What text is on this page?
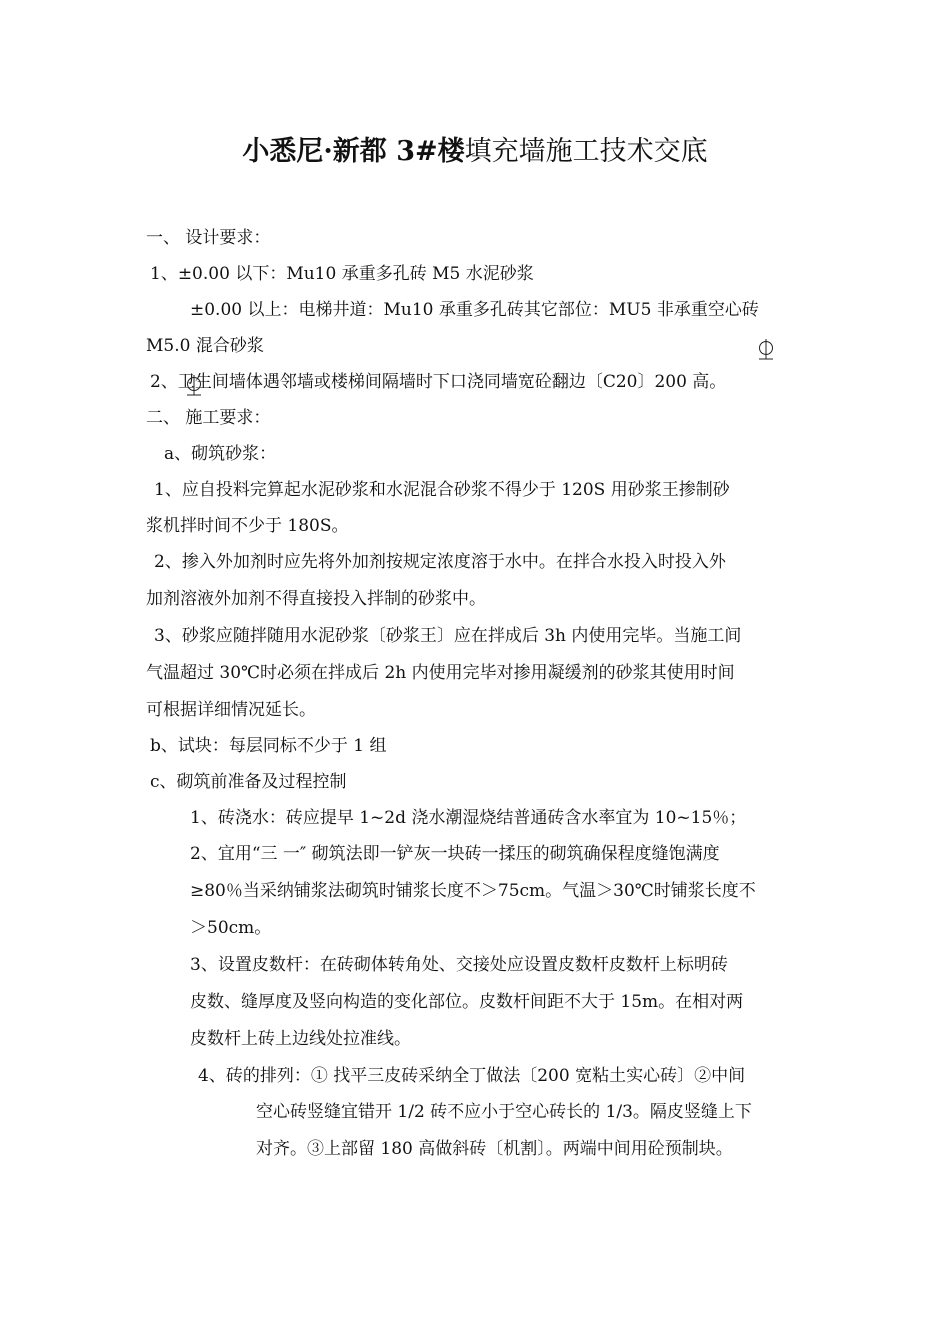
小悉尼·新都 3#楼填充墙施工技术交底
一、 设计要求：
1、±0.00 以下：Mu10 承重多孔砖 M5 水泥砂浆
±0.00 以上：电梯井道：Mu10 承重多孔砖其它部位：MU5 非承重空心砖
M5.0 混合砂浆
2、卫生间墙体遇邻墙或楼梯间隔墙时下口浇同墙宽砼翻边〔C20〕200 高。
二、 施工要求：
a、砌筑砂浆：
1、应自投料完算起水泥砂浆和水泥混合砂浆不得少于 120S 用砂浆王掺制砂
浆机拌时间不少于 180S。
2、掺入外加剂时应先将外加剂按规定浓度溶于水中。在拌合水投入时投入外
加剂溶液外加剂不得直接投入拌制的砂浆中。
3、砂浆应随拌随用水泥砂浆〔砂浆王〕应在拌成后 3h 内使用完毕。当施工间
气温超过 30℃时必须在拌成后 2h 内使用完毕对掺用凝缓剂的砂浆其使用时间
可根据详细情况延长。
b、试块：每层同标不少于 1 组
c、砌筑前准备及过程控制
1、砖浇水：砖应提早 1~2d 浇水潮湿烧结普通砖含水率宜为 10~15％；
2、宜用“三 一″ 砌筑法即一铲灰一块砖一揉压的砌筑确保程度缝饱满度
≥80％当采纳铺浆法砌筑时铺浆长度不＞75cm。气温＞30℃时铺浆长度不
＞50cm。
3、设置皮数杆：在砖砌体转角处、交接处应设置皮数杆皮数杆上标明砖
皮数、缝厚度及竖向构造的变化部位。皮数杆间距不大于 15m。在相对两
皮数杆上砖上边线处拉准线。
4、砖的排列：① 找平三皮砖采纳全丁做法〔200 宽粘土实心砖〕②中间
空心砖竖缝宜错开 1/2 砖不应小于空心砖长的 1/3。隔皮竖缝上下
对齐。③上部留 180 高做斜砖〔机割〕。两端中间用砼预制块。
